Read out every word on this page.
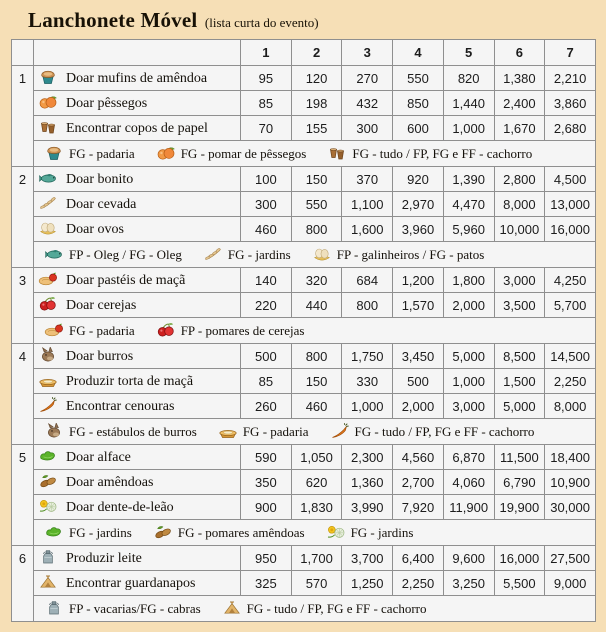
Lanchonete Móvel (lista curta do evento)
		1	2	3	4	5	6	7
1	Doar mufins de amêndoa	95	120	270	550	820	1,380	2,210
	Doar pêssegos	85	198	432	850	1,440	2,400	3,860
	Encontrar copos de papel	70	155	300	600	1,000	1,670	2,680
	FG - padaria FG - pomar de pêssegos FG - tudo / FP, FG e FF - cachorro							
2	Doar bonito	100	150	370	920	1,390	2,800	4,500
	Doar cevada	300	550	1,100	2,970	4,470	8,000	13,000
	Doar ovos	460	800	1,600	3,960	5,960	10,000	16,000
	FP - Oleg / FG - Oleg FG - jardins FP - galinheiros / FG - patos							
3	Doar pastéis de maçã	140	320	684	1,200	1,800	3,000	4,250
	Doar cerejas	220	440	800	1,570	2,000	3,500	5,700
	FG - padaria FP - pomares de cerejas							
4	Doar burros	500	800	1,750	3,450	5,000	8,500	14,500
	Produzir torta de maçã	85	150	330	500	1,000	1,500	2,250
	Encontrar cenouras	260	460	1,000	2,000	3,000	5,000	8,000
	FG - estábulos de burros FG - padaria FG - tudo / FP, FG e FF - cachorro							
5	Doar alface	590	1,050	2,300	4,560	6,870	11,500	18,400
	Doar amêndoas	350	620	1,360	2,700	4,060	6,790	10,900
	Doar dente-de-leão	900	1,830	3,990	7,920	11,900	19,900	30,000
	FG - jardins FG - pomares amêndoas FG - jardins							
6	Produzir leite	950	1,700	3,700	6,400	9,600	16,000	27,500
	Encontrar guardanapos	325	570	1,250	2,250	3,250	5,500	9,000
	FP - vacarias/FG - cabras FG - tudo / FP, FG e FF - cachorro							
